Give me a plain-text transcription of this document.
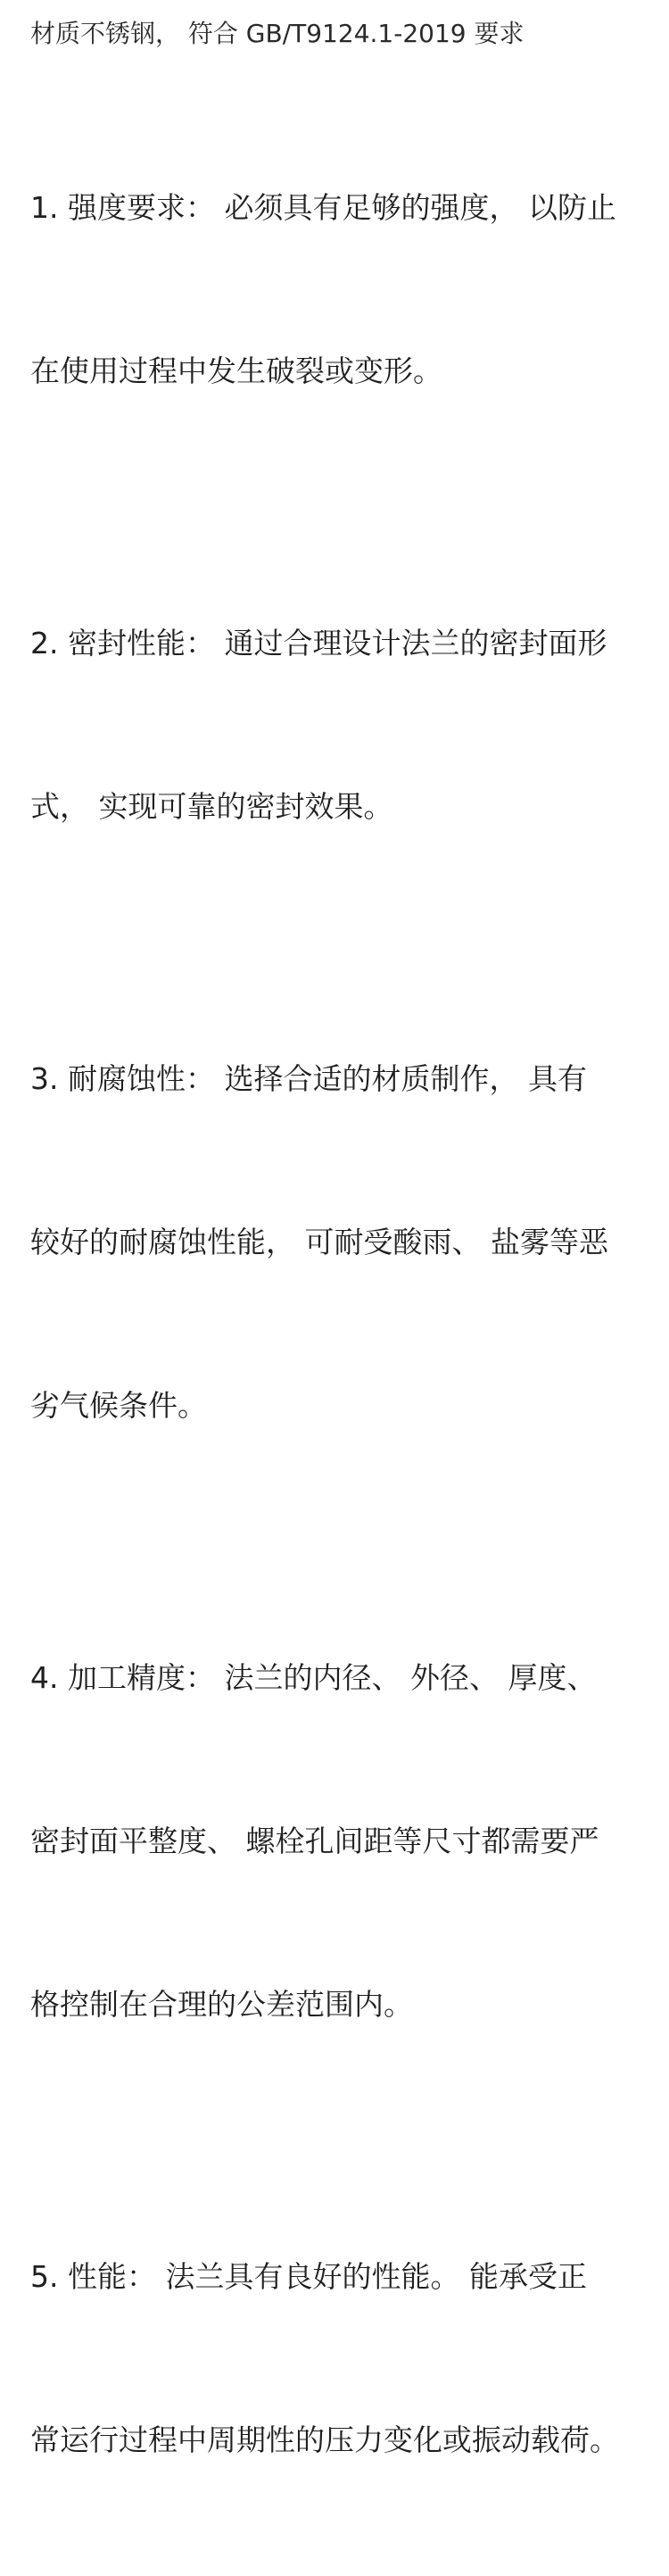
材质不锈钢， 符合 GB/T9124.1-2019 要求

1. 强度要求： 必须具有足够的强度， 以防止

在使用过程中发生破裂或变形。

2. 密封性能： 通过合理设计法兰的密封面形

式， 实现可靠的密封效果。

3. 耐腐蚀性： 选择合适的材质制作， 具有

较好的耐腐蚀性能， 可耐受酸雨、 盐雾等恶

劣气候条件。

4. 加工精度： 法兰的内径、 外径、 厚度、

密封面平整度、 螺栓孔间距等尺寸都需要严

格控制在合理的公差范围内。

5. 性能： 法兰具有良好的性能。 能承受正

常运行过程中周期性的压力变化或振动载荷。
